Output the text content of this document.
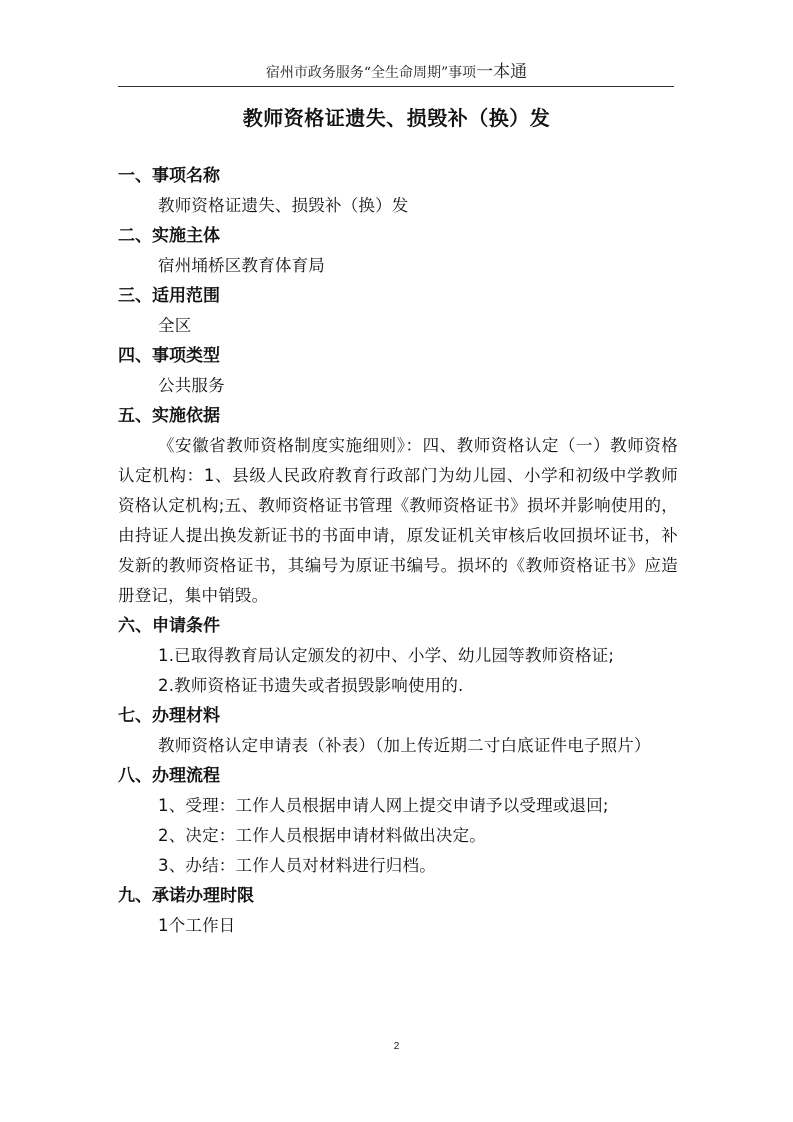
宿州市政务服务“全生命周期”事项一本通
教师资格证遗失、损毁补（换）发

一、事项名称

教师资格证遗失、损毁补（换）发

二、实施主体

宿州埇桥区教育体育局

三、适用范围

全区

四、事项类型

公共服务

五、实施依据

《安徽省教师资格制度实施细则》：四、教师资格认定（一）教师资格认定机构：1、县级人民政府教育行政部门为幼儿园、小学和初级中学教师资格认定机构;五、教师资格证书管理《教师资格证书》损坏并影响使用的，由持证人提出换发新证书的书面申请，原发证机关审核后收回损坏证书，补发新的教师资格证书，其编号为原证书编号。损坏的《教师资格证书》应造册登记，集中销毁。

六、申请条件

1.已取得教育局认定颁发的初中、小学、幼儿园等教师资格证;

2.教师资格证书遗失或者损毁影响使用的.

七、办理材料

教师资格认定申请表（补表）（加上传近期二寸白底证件电子照片）

八、办理流程

1、受理：工作人员根据申请人网上提交申请予以受理或退回;

2、决定：工作人员根据申请材料做出决定。

3、办结：工作人员对材料进行归档。

九、承诺办理时限

1个工作日

2
